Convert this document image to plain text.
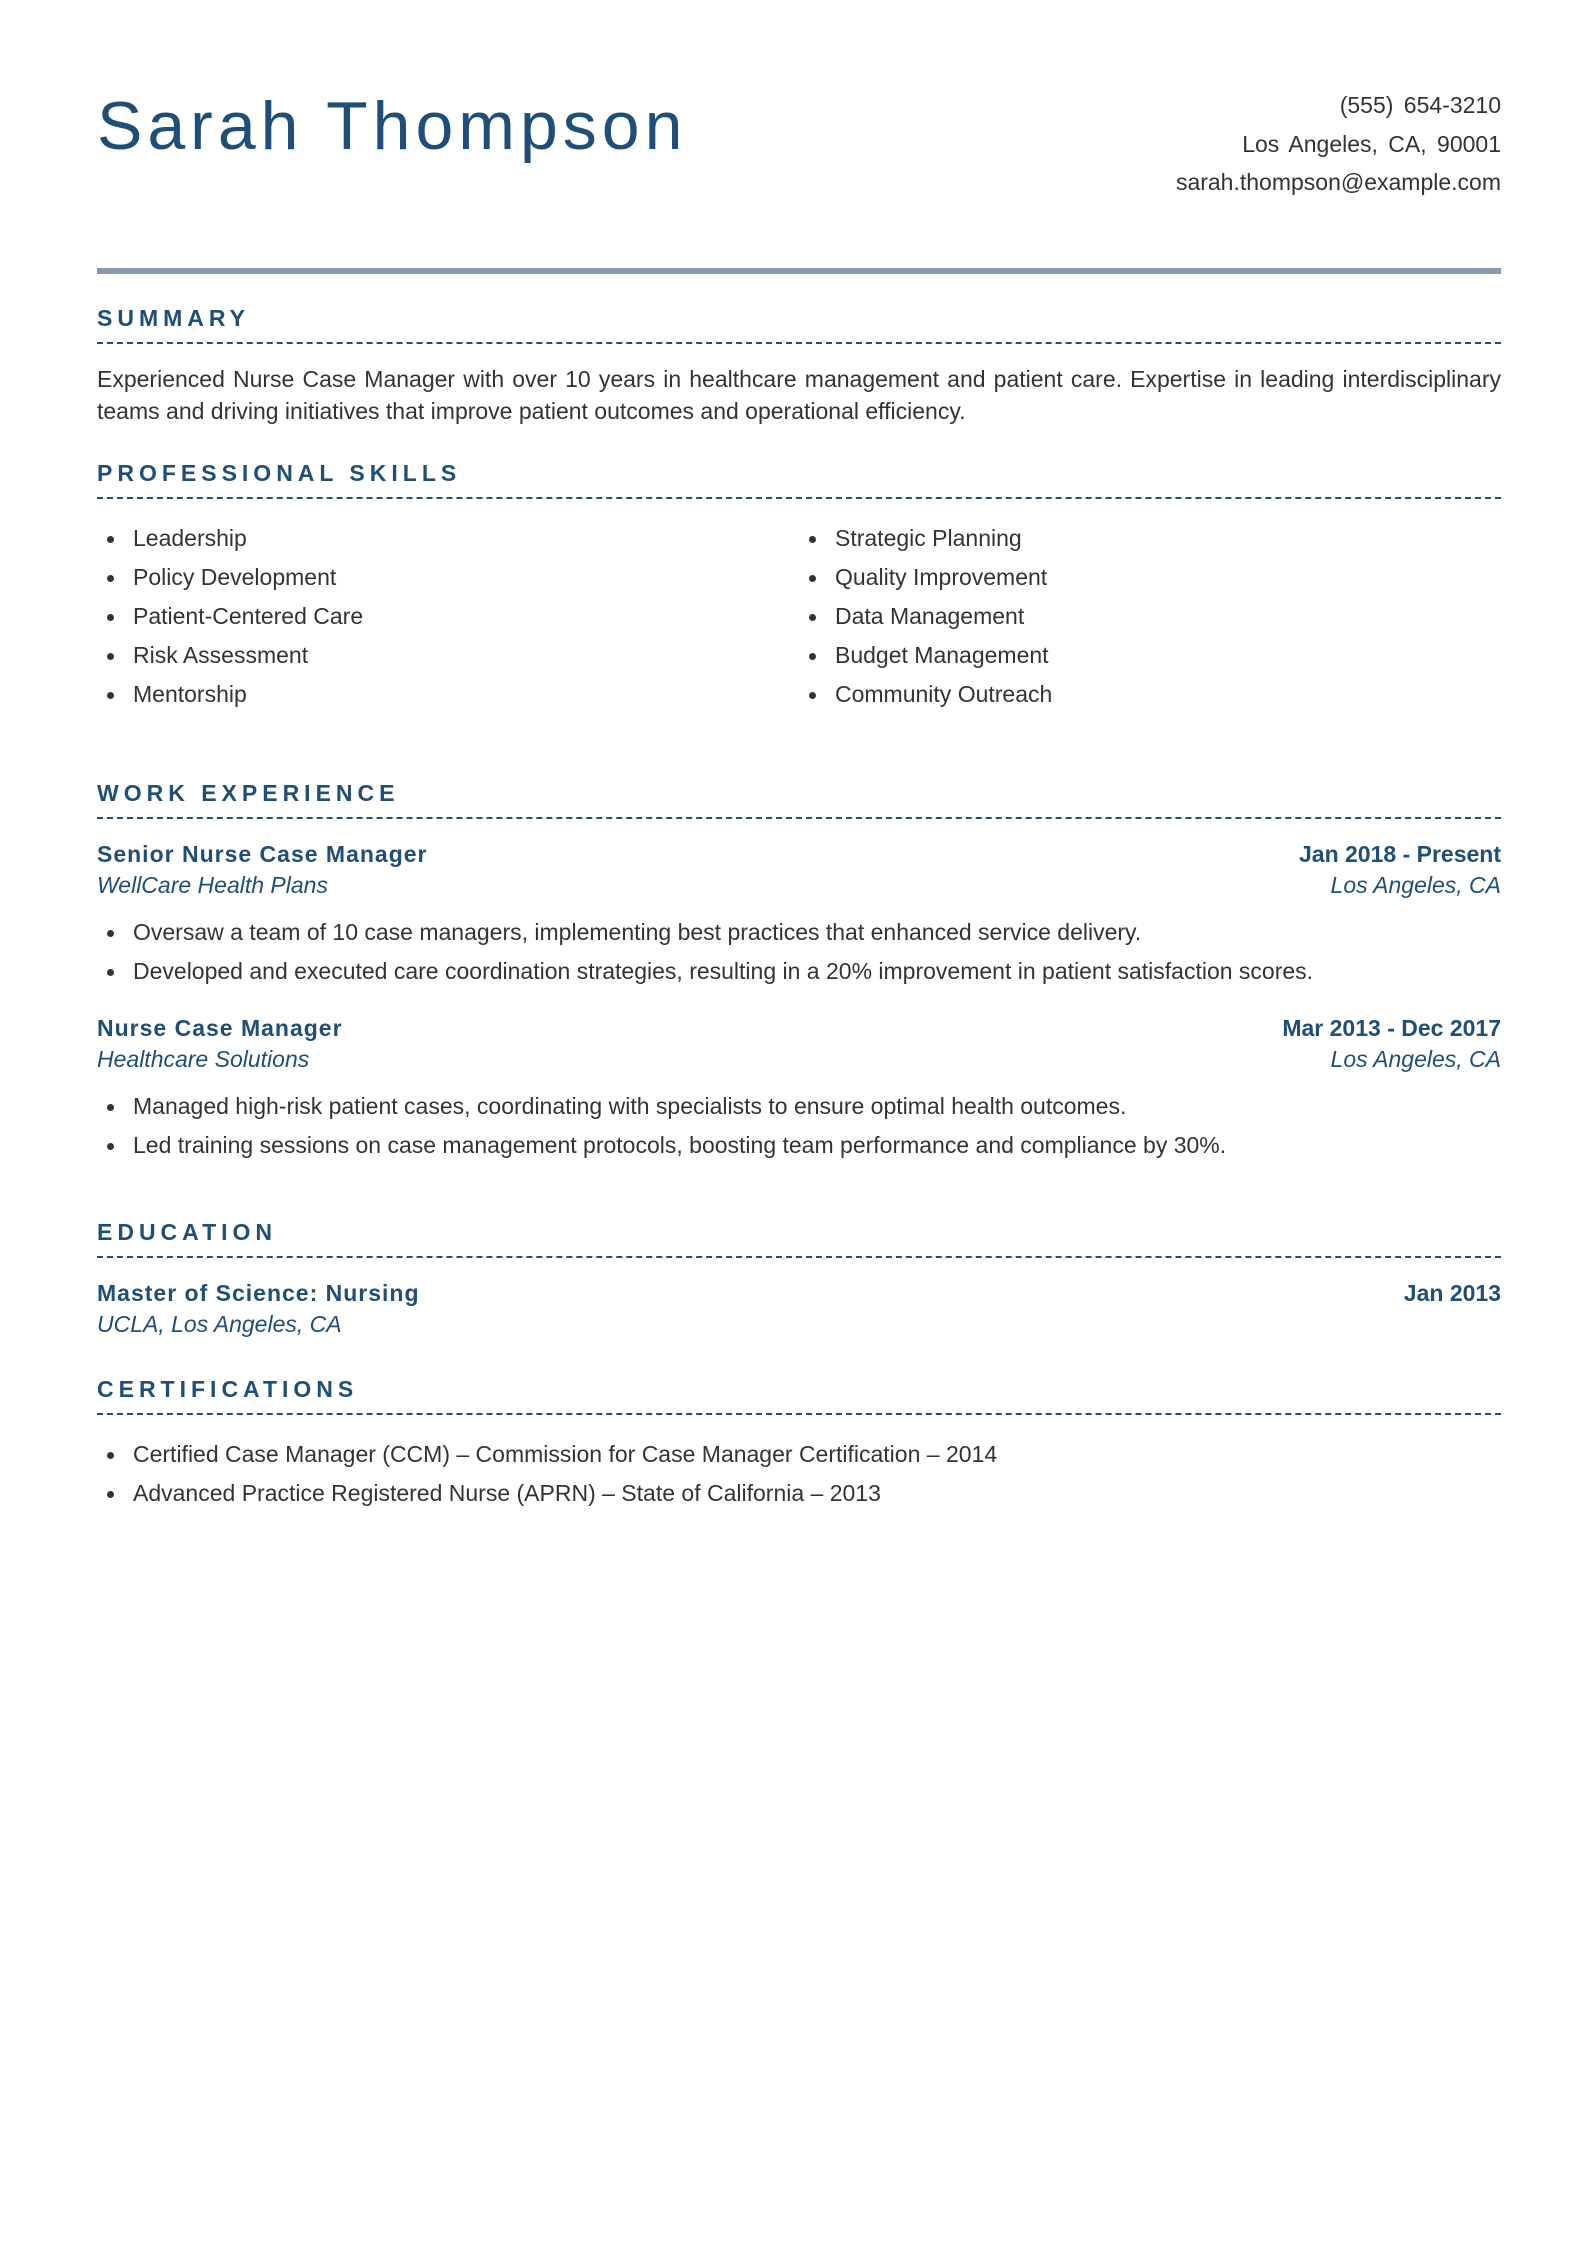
Sarah Thompson	(555) 654-3210
Los Angeles, CA, 90001
sarah.thompson@example.com
SUMMARY

Experienced Nurse Case Manager with over 10 years in healthcare management and patient care. Expertise in leading interdisciplinary teams and driving initiatives that improve patient outcomes and operational efficiency.

PROFESSIONAL SKILLS
Leadership
Policy Development
Patient-Centered Care
Risk Assessment
Mentorship
Strategic Planning
Quality Improvement
Data Management
Budget Management
Community Outreach
WORK EXPERIENCE
Senior Nurse Case Manager	Jan 2018 - Present
WellCare Health Plans	Los Angeles, CA
Oversaw a team of 10 case managers, implementing best practices that enhanced service delivery.
Developed and executed care coordination strategies, resulting in a 20% improvement in patient satisfaction scores.
Nurse Case Manager	Mar 2013 - Dec 2017
Healthcare Solutions	Los Angeles, CA
Managed high-risk patient cases, coordinating with specialists to ensure optimal health outcomes.
Led training sessions on case management protocols, boosting team performance and compliance by 30%.
EDUCATION
Master of Science: Nursing	Jan 2013
UCLA, Los Angeles, CA
CERTIFICATIONS
Certified Case Manager (CCM) – Commission for Case Manager Certification – 2014
Advanced Practice Registered Nurse (APRN) – State of California – 2013
